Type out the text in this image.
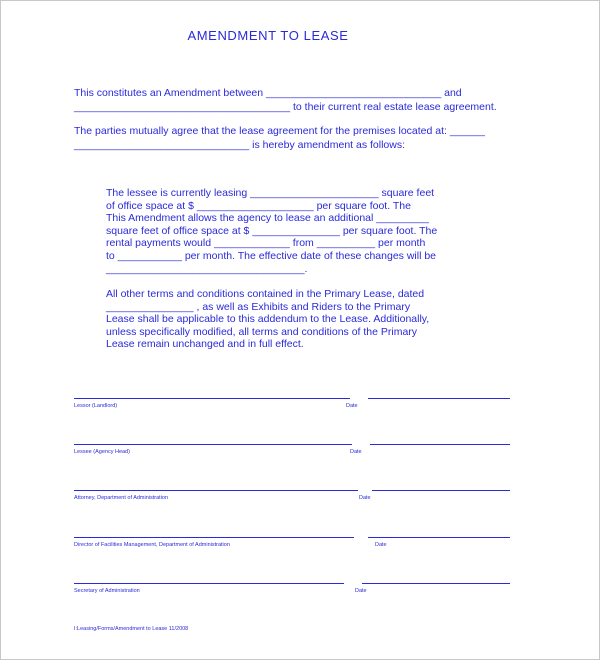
AMENDMENT TO LEASE

This constitutes an Amendment between ______________________________ and
_____________________________________ to their current real estate lease agreement.

The parties mutually agree that the lease agreement for the premises located at: ______
______________________________ is hereby amendment as follows:

The lessee is currently leasing ______________________ square feet
of office space at $ ____________________ per square foot. The
This Amendment allows the agency to lease an additional _________
square feet of office space at $ _______________ per square foot. The
rental payments would _____________ from __________ per month
to ___________ per month. The effective date of these changes will be
__________________________________.

All other terms and conditions contained in the Primary Lease, dated
_______________ , as well as Exhibits and Riders to the Primary
Lease shall be applicable to this addendum to the Lease. Additionally,
unless specifically modified, all terms and conditions of the Primary
Lease remain unchanged and in full effect.

Lessor (Landlord)	Date
Lessee (Agency Head)	Date
Attorney, Department of Administration	Date
Director of Facilities Management, Department of Administration	Date
Secretary of Administration	Date
I:Leasing/Forms/Amendment to Lease 11/2008
